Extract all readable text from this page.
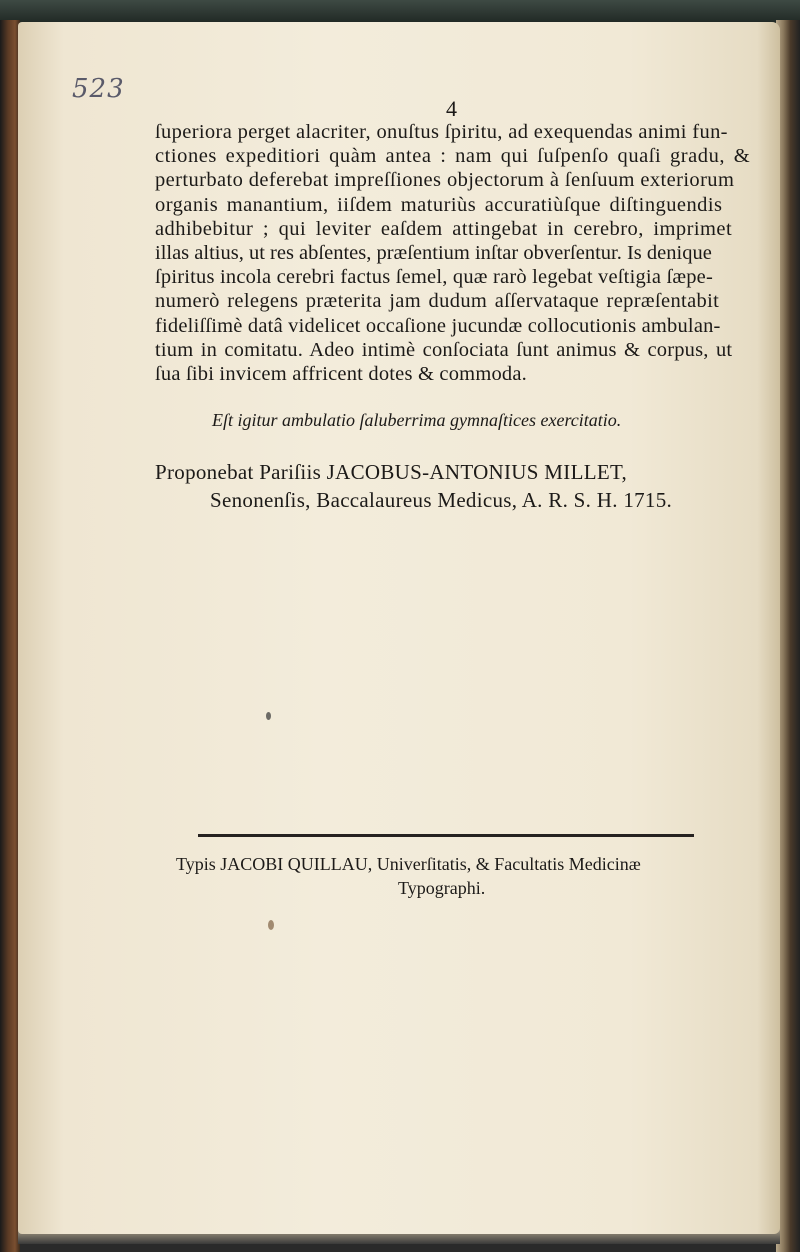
523
4
ſuperiora perget alacriter, onuſtus ſpiritu, ad exequendas animi fun-
ctiones expeditiori quàm antea : nam qui ſuſpenſo quaſi gradu, &
perturbato deferebat impreſſiones objectorum à ſenſuum exteriorum
organis manantium, iiſdem maturiùs accuratiùſque diſtinguendis
adhibebitur ; qui leviter eaſdem attingebat in cerebro, imprimet
illas altius, ut res abſentes, præſentium inſtar obverſentur. Is denique
ſpiritus incola cerebri factus ſemel, quæ rarò legebat veſtigia ſæpe-
numerò relegens præterita jam dudum aſſervataque repræſentabit
fideliſſimè datâ videlicet occaſione jucundæ collocutionis ambulan-
tium in comitatu. Adeo intimè conſociata ſunt animus & corpus, ut
ſua ſibi invicem affricent dotes & commoda.
Eſt igitur ambulatio ſaluberrima gymnaſtices exercitatio.
Proponebat Pariſiis JACOBUS-ANTONIUS MILLET,
Senonenſis, Baccalaureus Medicus, A. R. S. H. 1715.
Typis JACOBI QUILLAU, Univerſitatis, & Facultatis Medicinæ
Typographi.
